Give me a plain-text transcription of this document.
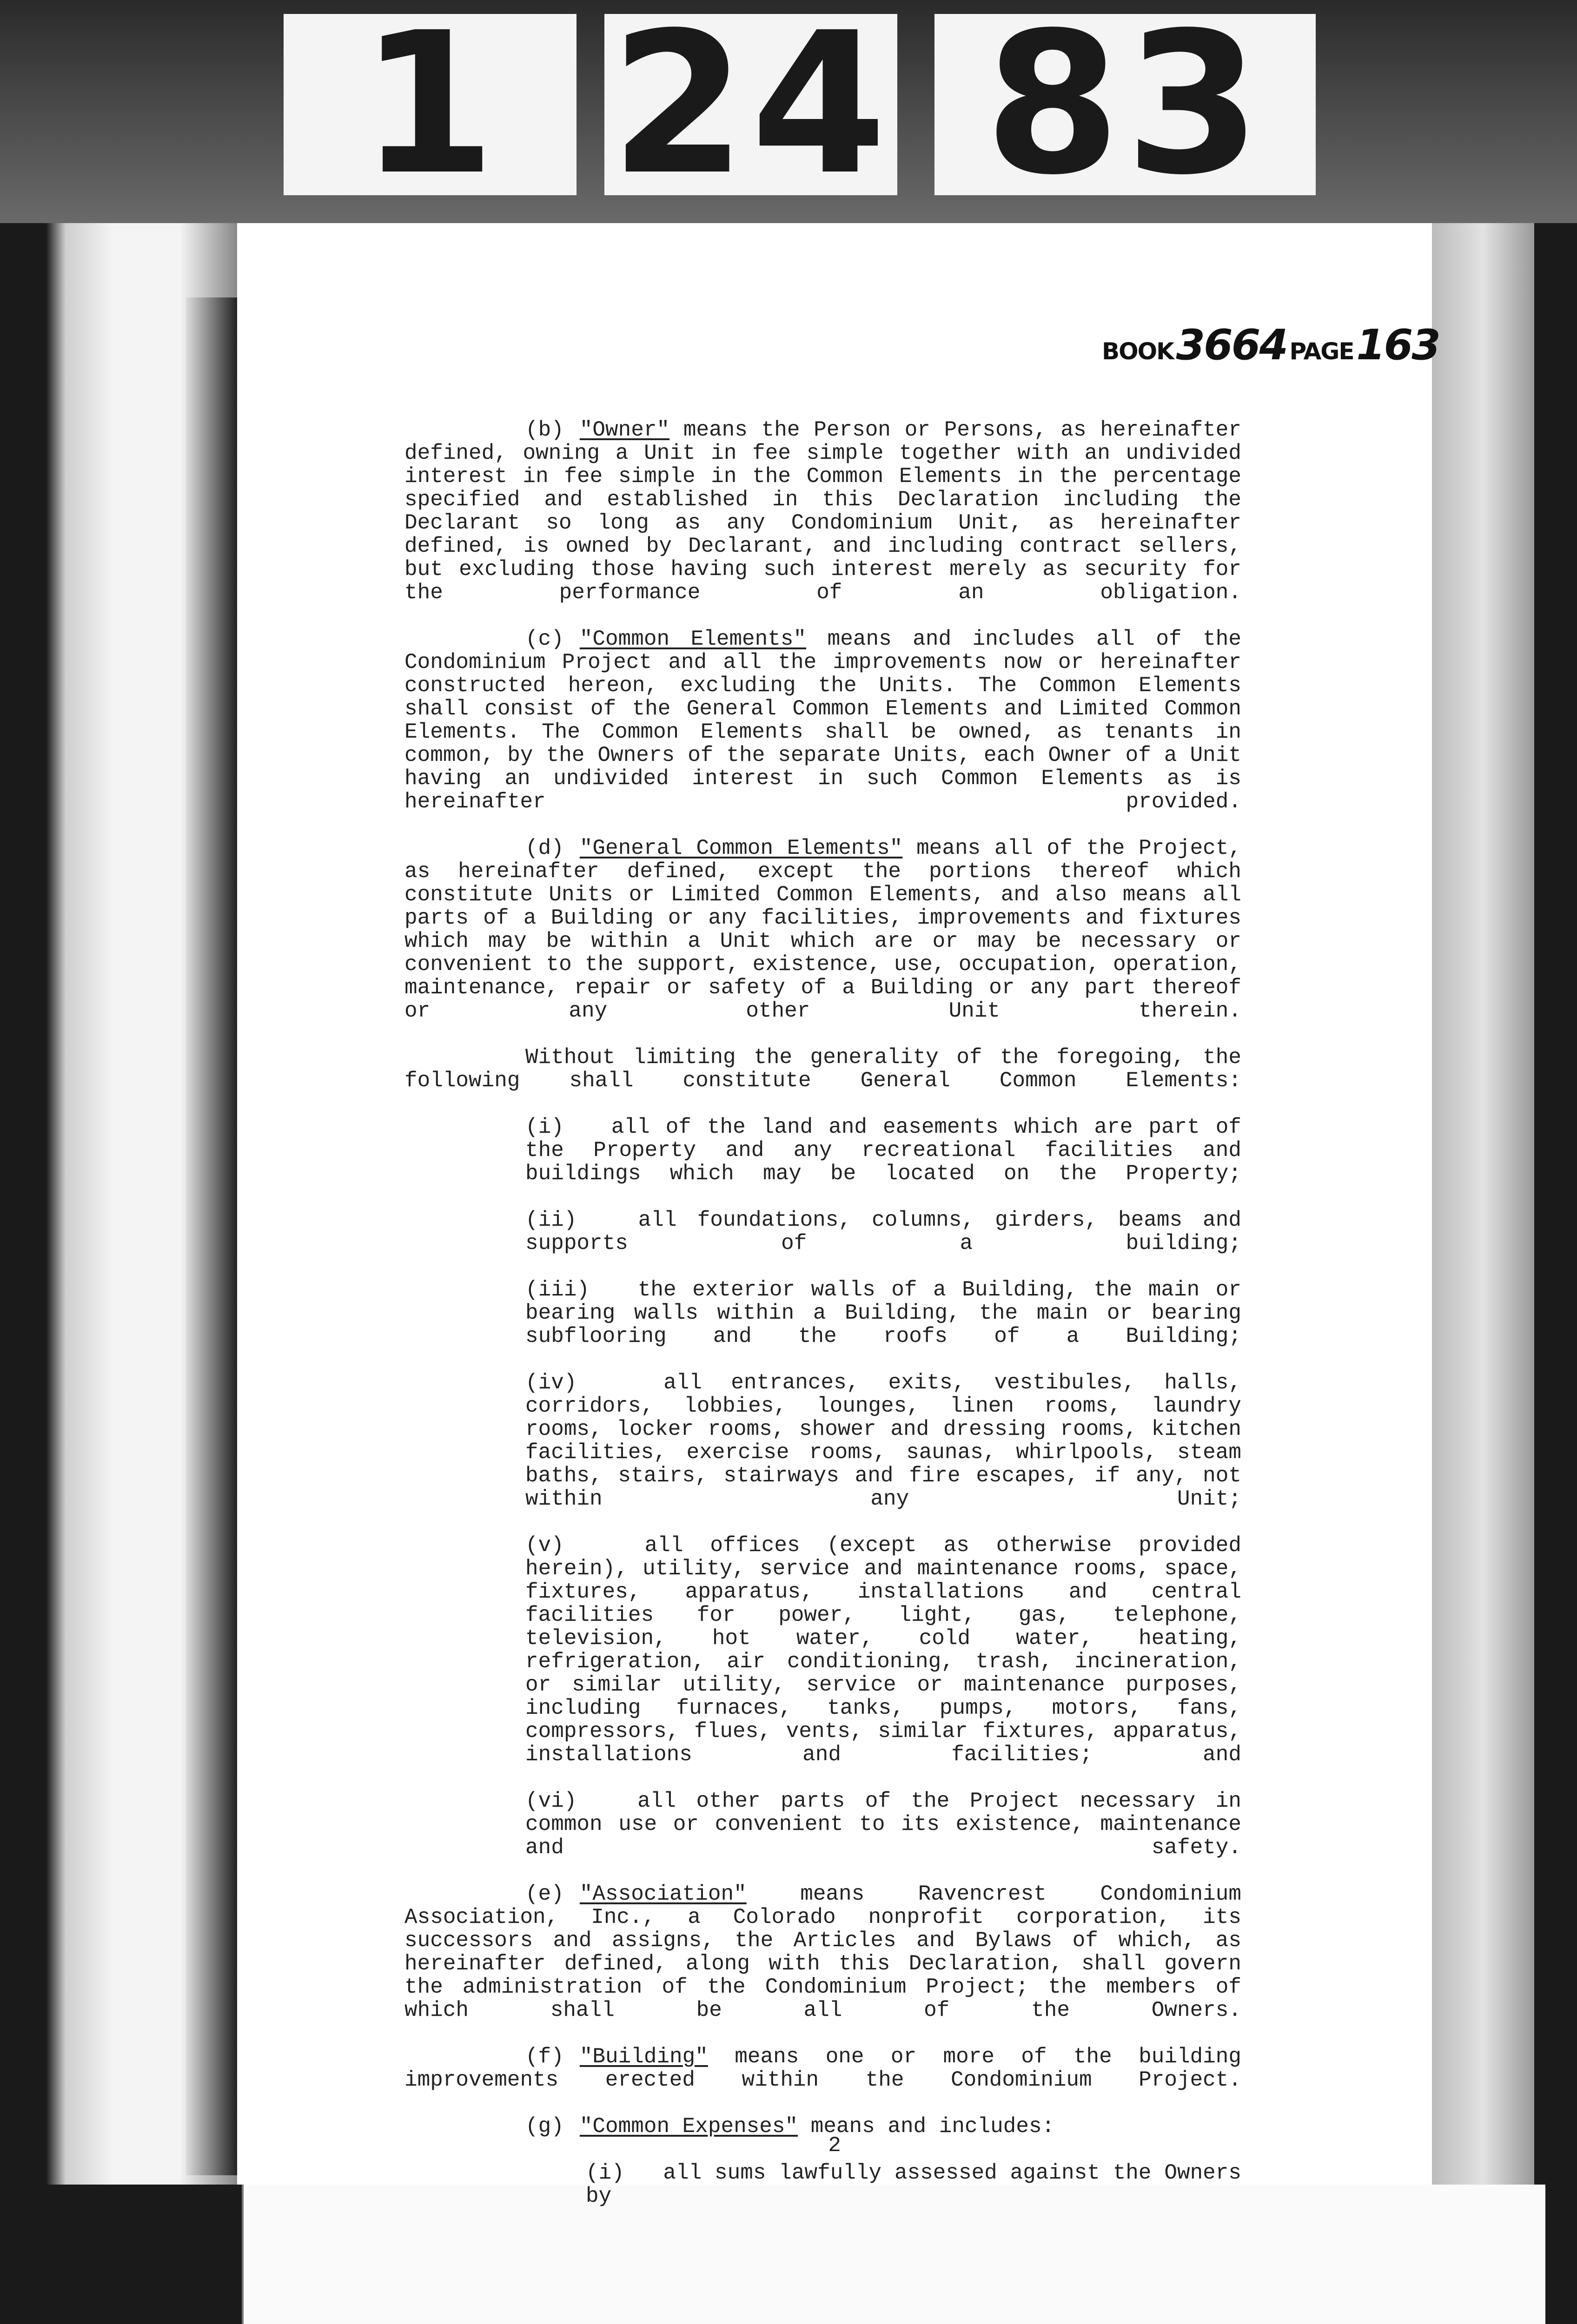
1 24 83
BOOK 3664 PAGE 163

(b) "Owner" means the Person or Persons, as hereinafter defined, owning a Unit in fee simple together with an undivided interest in fee simple in the Common Elements in the percentage specified and established in this Declaration including the Declarant so long as any Condominium Unit, as hereinafter defined, is owned by Declarant, and including contract sellers, but excluding those having such interest merely as security for the performance of an obligation.

(c) "Common Elements" means and includes all of the Condominium Project and all the improvements now or hereinafter constructed hereon, excluding the Units. The Common Elements shall consist of the General Common Elements and Limited Common Elements. The Common Elements shall be owned, as tenants in common, by the Owners of the separate Units, each Owner of a Unit having an undivided interest in such Common Elements as is hereinafter provided.

(d) "General Common Elements" means all of the Project, as hereinafter defined, except the portions thereof which constitute Units or Limited Common Elements, and also means all parts of a Building or any facilities, improvements and fixtures which may be within a Unit which are or may be necessary or convenient to the support, existence, use, occupation, operation, maintenance, repair or safety of a Building or any part thereof or any other Unit therein.

Without limiting the generality of the foregoing, the following shall constitute General Common Elements:

(i) all of the land and easements which are part of the Property and any recreational facilities and buildings which may be located on the Property;

(ii)	all foundations, columns, girders, beams and supports of a building;

(iii) the exterior walls of a Building, the main or bearing walls within a Building, the main or bearing subflooring and the roofs of a Building;

(iv)	all entrances, exits, vestibules, halls, corridors, lobbies, lounges, linen rooms, laundry rooms, locker rooms, shower and dressing rooms, kitchen facilities, exercise rooms, saunas, whirlpools, steam baths, stairs, stairways and fire escapes, if any, not within any Unit;

(v)	all offices (except as otherwise provided herein), utility, service and maintenance rooms, space, fixtures, apparatus, installations and central facilities for power, light, gas, telephone, television, hot water, cold water, heating, refrigeration, air conditioning, trash, incineration, or similar utility, service or maintenance purposes, including furnaces, tanks, pumps, motors, fans, compressors, flues, vents, similar fixtures, apparatus, installations and facilities; and

(vi)	all other parts of the Project necessary in common use or convenient to its existence, maintenance and safety.

(e) "Association"	means Ravencrest Condominium Association, Inc., a Colorado nonprofit corporation, its successors and assigns, the Articles and Bylaws of which, as hereinafter defined, along with this Declaration, shall govern the administration of the Condominium Project; the members of which shall be all of the Owners.

(f) "Building" means one or more of the building improvements erected within the Condominium Project.

(g) "Common Expenses" means and includes:

(i) all sums lawfully assessed against the Owners by

2
